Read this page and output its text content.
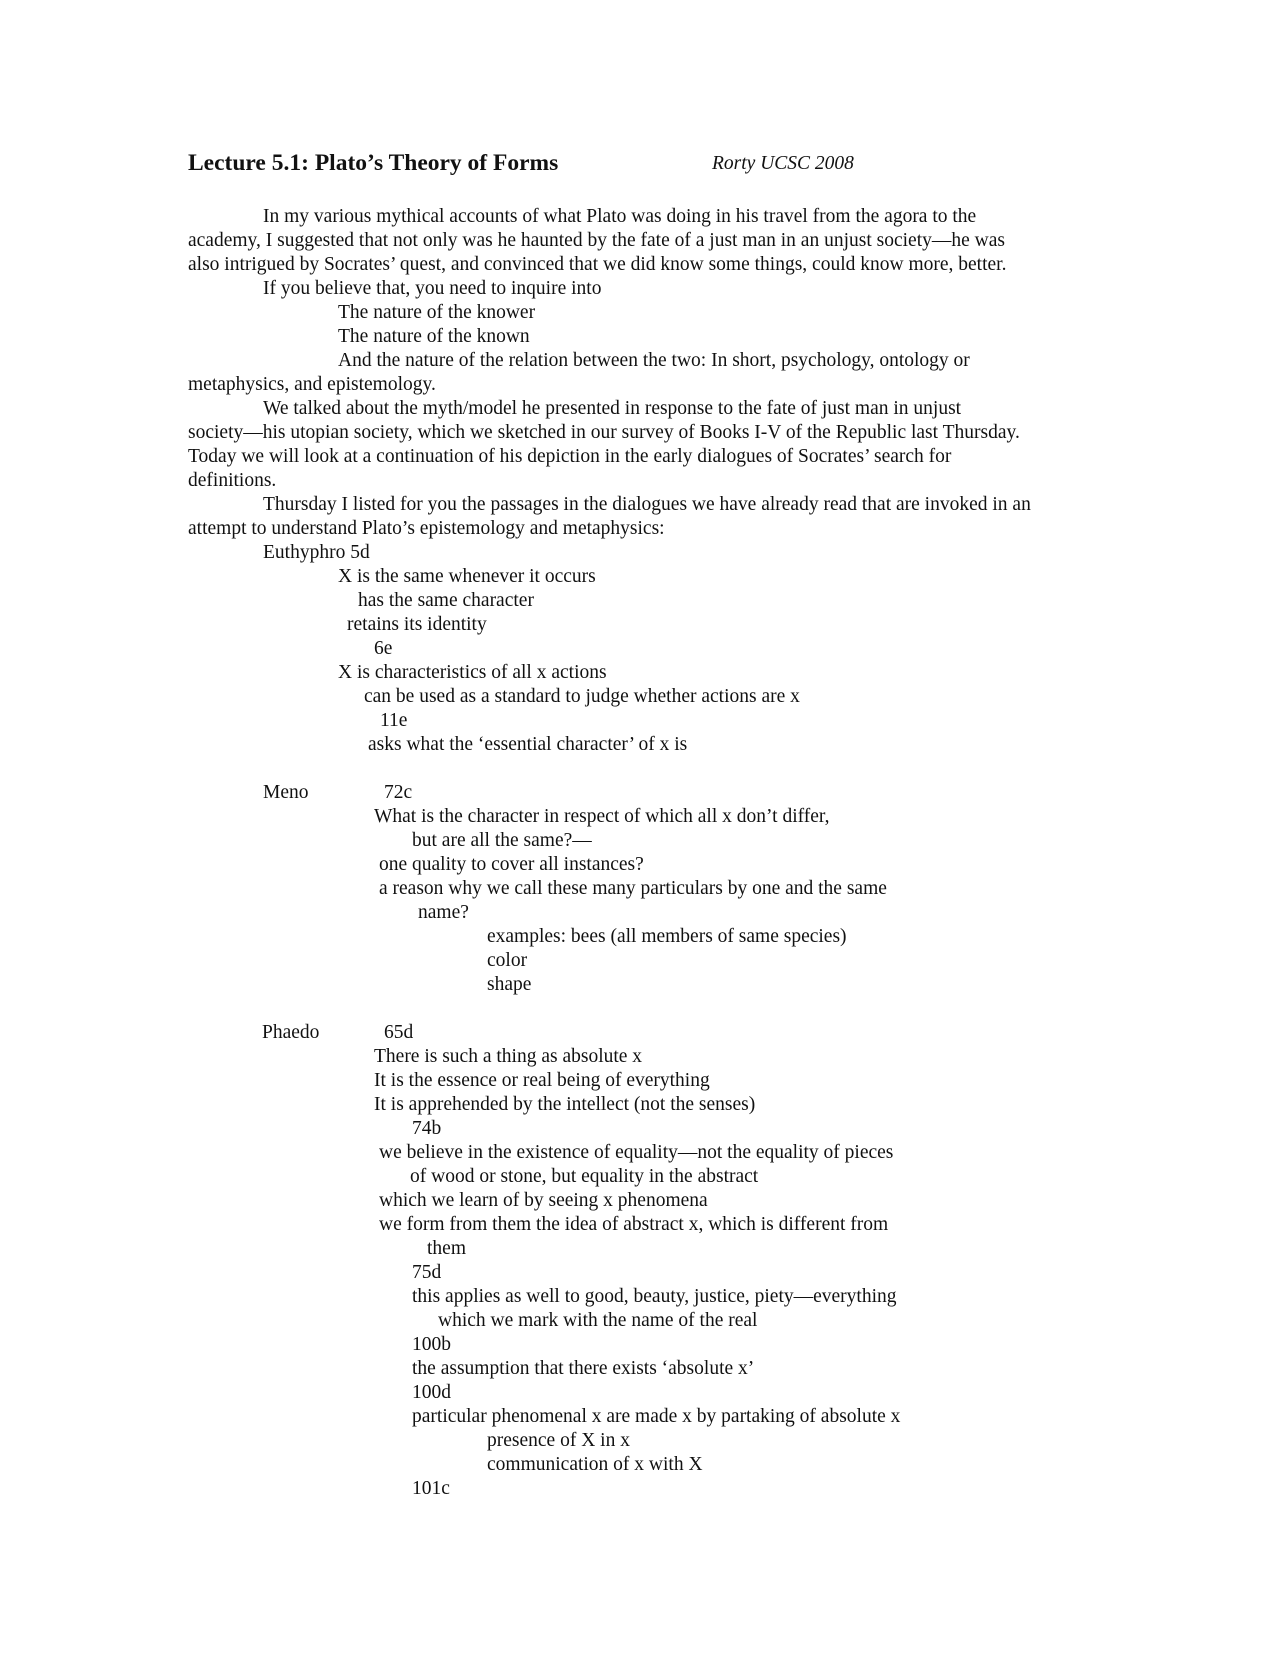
Lecture 5.1: Plato’s Theory of Forms	Rorty UCSC 2008
In my various mythical accounts of what Plato was doing in his travel from the agora to the
academy, I suggested that not only was he haunted by the fate of a just man in an unjust society—he was
also intrigued by Socrates’ quest, and convinced that we did know some things, could know more, better.
If you believe that, you need to inquire into
The nature of the knower
The nature of the known
And the nature of the relation between the two: In short, psychology, ontology or
metaphysics, and epistemology.
We talked about the myth/model he presented in response to the fate of just man in unjust
society—his utopian society, which we sketched in our survey of Books I-V of the Republic last Thursday.
Today we will look at a continuation of his depiction in the early dialogues of Socrates’ search for
definitions.
Thursday I listed for you the passages in the dialogues we have already read that are invoked in an
attempt to understand Plato’s epistemology and metaphysics:
Euthyphro 5d
X is the same whenever it occurs
has the same character
retains its identity
6e
X is characteristics of all x actions
can be used as a standard to judge whether actions are x
11e
asks what the ‘essential character’ of x is
Meno	72c
What is the character in respect of which all x don’t differ,
but are all the same?—
one quality to cover all instances?
a reason why we call these many particulars by one and the same
name?
examples: bees (all members of same species)
color
shape
Phaedo	65d
There is such a thing as absolute x
It is the essence or real being of everything
It is apprehended by the intellect (not the senses)
74b
we believe in the existence of equality—not the equality of pieces
of wood or stone, but equality in the abstract
which we learn of by seeing x phenomena
we form from them the idea of abstract x, which is different from
them
75d
this applies as well to good, beauty, justice, piety—everything
which we mark with the name of the real
100b
the assumption that there exists ‘absolute x’
100d
particular phenomenal x are made x by partaking of absolute x
presence of X in x
communication of x with X
101c
